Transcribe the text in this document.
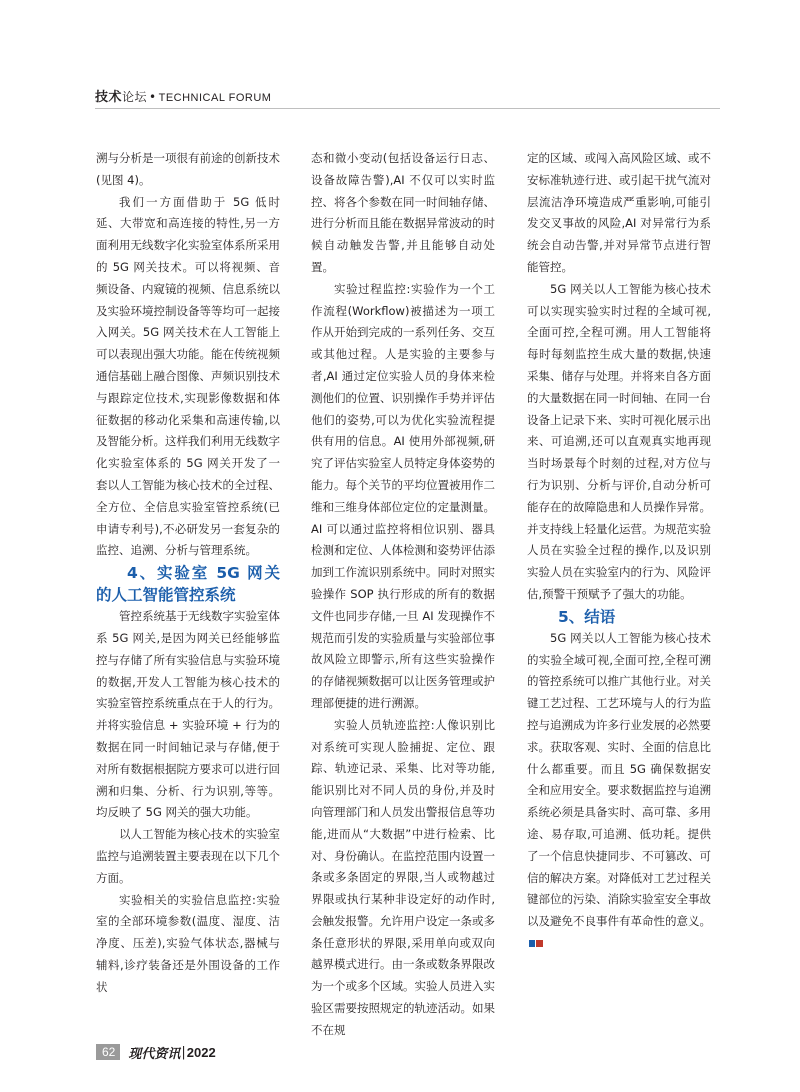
技术论坛 • TECHNICAL FORUM

溯与分析是一项很有前途的创新技术(见图 4)。

我们一方面借助于 5G 低时延、大带宽和高连接的特性,另一方面利用无线数字化实验室体系所采用的 5G 网关技术。可以将视频、音频设备、内窥镜的视频、信息系统以及实验环境控制设备等等均可一起接入网关。5G 网关技术在人工智能上可以表现出强大功能。能在传统视频通信基础上融合图像、声频识别技术与跟踪定位技术,实现影像数据和体征数据的移动化采集和高速传输,以及智能分析。这样我们利用无线数字化实验室体系的 5G 网关开发了一套以人工智能为核心技术的全过程、全方位、全信息实验室管控系统(已申请专利号),不必研发另一套复杂的监控、追溯、分析与管理系统。

4、实验室 5G 网关的人工智能管控系统

管控系统基于无线数字实验室体系 5G 网关,是因为网关已经能够监控与存储了所有实验信息与实验环境的数据,开发人工智能为核心技术的实验室管控系统重点在于人的行为。并将实验信息 + 实验环境 + 行为的数据在同一时间轴记录与存储,便于对所有数据根据院方要求可以进行回溯和归集、分析、行为识别,等等。均反映了 5G 网关的强大功能。

以人工智能为核心技术的实验室监控与追溯装置主要表现在以下几个方面。

实验相关的实验信息监控:实验室的全部环境参数(温度、湿度、洁净度、压差),实验气体状态,器械与辅料,诊疗装备还是外围设备的工作状

态和微小变动(包括设备运行日志、设备故障告警),AI 不仅可以实时监控、将各个参数在同一时间轴存储、进行分析而且能在数据异常波动的时候自动触发告警,并且能够自动处置。

实验过程监控:实验作为一个工作流程(Workflow)被描述为一项工作从开始到完成的一系列任务、交互或其他过程。人是实验的主要参与者,AI 通过定位实验人员的身体来检测他们的位置、识别操作手势并评估他们的姿势,可以为优化实验流程提供有用的信息。AI 使用外部视频,研究了评估实验室人员特定身体姿势的能力。每个关节的平均位置被用作二维和三维身体部位定位的定量测量。AI 可以通过监控将相位识别、器具检测和定位、人体检测和姿势评估添加到工作流识别系统中。同时对照实验操作 SOP 执行形成的所有的数据文件也同步存储,一旦 AI 发现操作不规范而引发的实验质量与实验部位事故风险立即警示,所有这些实验操作的存储视频数据可以让医务管理或护理部便捷的进行溯源。

实验人员轨迹监控:人像识别比对系统可实现人脸捕捉、定位、跟踪、轨迹记录、采集、比对等功能,能识别比对不同人员的身份,并及时向管理部门和人员发出警报信息等功能,进而从“大数据”中进行检索、比对、身份确认。在监控范围内设置一条或多条固定的界限,当人或物越过界限或执行某种非设定好的动作时,会触发报警。允许用户设定一条或多条任意形状的界限,采用单向或双向越界模式进行。由一条或数条界限改为一个或多个区域。实验人员进入实验区需要按照规定的轨迹活动。如果不在规

定的区域、或闯入高风险区域、或不安标准轨迹行进、或引起干扰气流对层流洁净环境造成严重影响,可能引发交叉事故的风险,AI 对异常行为系统会自动告警,并对异常节点进行智能管控。

5G 网关以人工智能为核心技术可以实现实验实时过程的全域可视,全面可控,全程可溯。用人工智能将每时每刻监控生成大量的数据,快速采集、储存与处理。并将来自各方面的大量数据在同一时间轴、在同一台设备上记录下来、实时可视化展示出来、可追溯,还可以直观真实地再现当时场景每个时刻的过程,对方位与行为识别、分析与评价,自动分析可能存在的故障隐患和人员操作异常。并支持线上轻量化运营。为规范实验人员在实验全过程的操作,以及识别实验人员在实验室内的行为、风险评估,预警干预赋予了强大的功能。

5、结语

5G 网关以人工智能为核心技术的实验全域可视,全面可控,全程可溯的管控系统可以推广其他行业。对关键工艺过程、工艺环境与人的行为监控与追溯成为许多行业发展的必然要求。获取客观、实时、全面的信息比什么都重要。而且 5G 确保数据安全和应用安全。要求数据监控与追溯系统必须是具备实时、高可靠、多用途、易存取,可追溯、低功耗。提供了一个信息快捷同步、不可篡改、可信的解决方案。对降低对工艺过程关键部位的污染、消除实验室安全事故以及避免不良事件有革命性的意义。

62	现代资讯 | 2022
